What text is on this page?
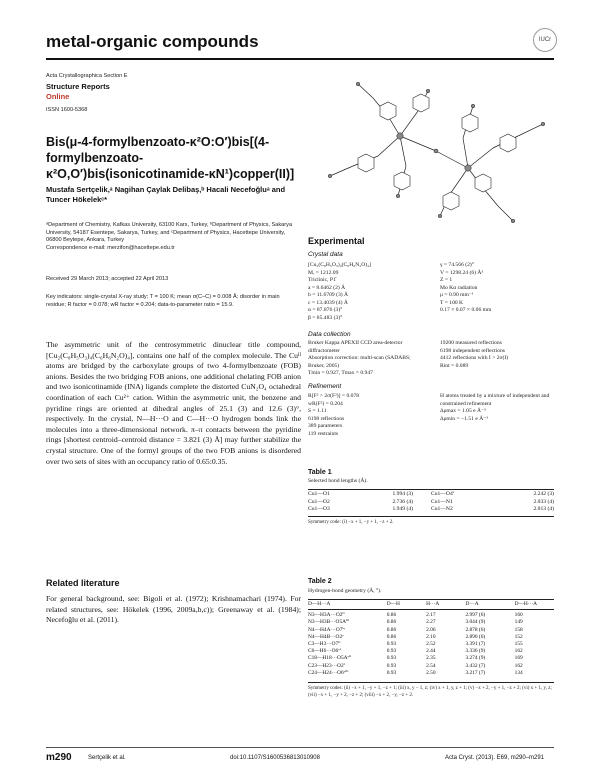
metal-organic compounds	IUCr
Acta Crystallographica Section E
Structure Reports
Online
ISSN 1600-5368
Bis(μ-4-formylbenzoato-κ²O:O′)bis[(4-formylbenzoato-κ²O,O′)bis(isonicotinamide-κN¹)copper(II)]
Mustafa Sertçelik,ᵃ Nagihan Çaylak Delibaş,ᵇ Hacali Necefoğluᵃ and Tuncer Hökelekᶜ*
ᵃDepartment of Chemistry, Kafkas University, 63100 Kars, Turkey, ᵇDepartment of Physics, Sakarya University, 54187 Esentepe, Sakarya, Turkey, and ᶜDepartment of Physics, Hacettepe University, 06800 Beytepe, Ankara, Turkey
Correspondence e-mail: merzifon@hacettepe.edu.tr
Received 29 March 2013; accepted 22 April 2013
Key indicators: single-crystal X-ray study; T = 100 K; mean σ(C–C) = 0.008 Å; disorder in main residue; R factor = 0.078; wR factor = 0.204; data-to-parameter ratio = 15.9.
The asymmetric unit of the centrosymmetric dinuclear title compound, [Cu₂(C₈H₅O₃)₄(C₆H₆N₂O)₄], contains one half of the complex molecule. The Cuᴵᴵ atoms are bridged by the carboxylate groups of two 4-formylbenzoate (FOB) anions. Besides the two bridging FOB anions, one additional chelating FOB anion and two isonicotinamide (INA) ligands complete the distorted CuN₂O₄ octahedral coordination of each Cu²⁺ cation. Within the asymmetric unit, the benzene and pyridine rings are oriented at dihedral angles of 25.1 (3) and 12.6 (3)°, respectively. In the crystal, N—H···O and C—H···O hydrogen bonds link the molecules into a three-dimensional network. π–π contacts between the pyridine rings [shortest centroid–centroid distance = 3.821 (3) Å] may further stabilize the crystal structure. One of the formyl groups of the two FOB anions is disordered over two sets of sites with an occupancy ratio of 0.65:0.35.
Related literature
For general background, see: Bigoli et al. (1972); Krishnamachari (1974). For related structures, see: Hökelek (1996, 2009a,b,c)); Greenaway et al. (1984); Necefoğlu et al. (2011).
Experimental
Crystal data
[Cu₂(C₈H₅O₃)₄(C₆H₆N₂O)₄]
Mᵣ = 1212.09
Triclinic, P1̄
a = 8.6462 (2) Å
b = 11.6709 (3) Å
c = 13.4039 (4) Å
α = 87.876 (3)°
β = 85.483 (3)°
γ = 74.566 (2)°
V = 1298.24 (6) Å³
Z = 1
Mo Kα radiation
μ = 0.90 mm⁻¹
T = 100 K
0.17 × 0.07 × 0.06 mm
Data collection
Bruker Kappa APEXII CCD area-detector diffractometer
Absorption correction: multi-scan (SADABS; Bruker, 2005)
Tmin = 0.927, Tmax = 0.947
19200 measured reflections
6198 independent reflections
4412 reflections with I > 2σ(I)
Rint = 0.089
Refinement
R[F² > 2σ(F²)] = 0.078
wR(F²) = 0.204
S = 1.11
6198 reflections
389 parameters
119 restraints
H atoms treated by a mixture of independent and constrained refinement
Δρmax = 1.05 e Å⁻³
Δρmin = −1.51 e Å⁻³
Table 1
Selected bond lengths (Å).
Cu1—O1	1.994 (3)	Cu1—O4ⁱ	2.242 (3)
Cu1—O2	2.736 (4)	Cu1—N1	2.033 (4)
Cu1—O3	1.949 (4)	Cu1—N2	2.013 (4)
Symmetry code: (i) −x + 1, −y + 1, −z + 2.
Table 2
Hydrogen-bond geometry (Å, °).
D—H···A	D—H	H···A	D···A	D—H···A
N3—H3A···O2ⁱⁱ	0.86	2.17	2.997 (6)	160
N3—H3B···O5Aⁱⁱⁱ	0.86	2.27	3.044 (9)	149
N4—H4A···O7ⁱᵛ	0.86	2.06	2.878 (6)	158
N4—H4B···O2ᵛ	0.86	2.10	2.890 (6)	152
C3—H3···O7ⁱⁱ	0.93	2.52	3.391 (7)	155
C6—H6···O6ᵛⁱ	0.93	2.44	3.336 (9)	162
C18—H18···O5Aᵛⁱⁱ	0.93	2.35	3.274 (9)	169
C23—H23···O2ⁱ	0.93	2.54	3.432 (7)	162
C24—H24···O6ᵛⁱⁱⁱ	0.93	2.50	3.217 (7)	134
Symmetry codes: (ii) −x + 1, −y + 1, −z + 1; (iii) x, y − 1, z; (iv) x + 1, y, z + 1; (v) −x + 2, −y + 1, −z + 2; (vi) x + 1, y, z; (vii) −x + 1, −y + 2, −z + 2; (viii) −x + 2, −y, −z + 2.
m290	Sertçelik et al.	doi:10.1107/S1600536813010908	Acta Cryst. (2013). E69, m290–m291
